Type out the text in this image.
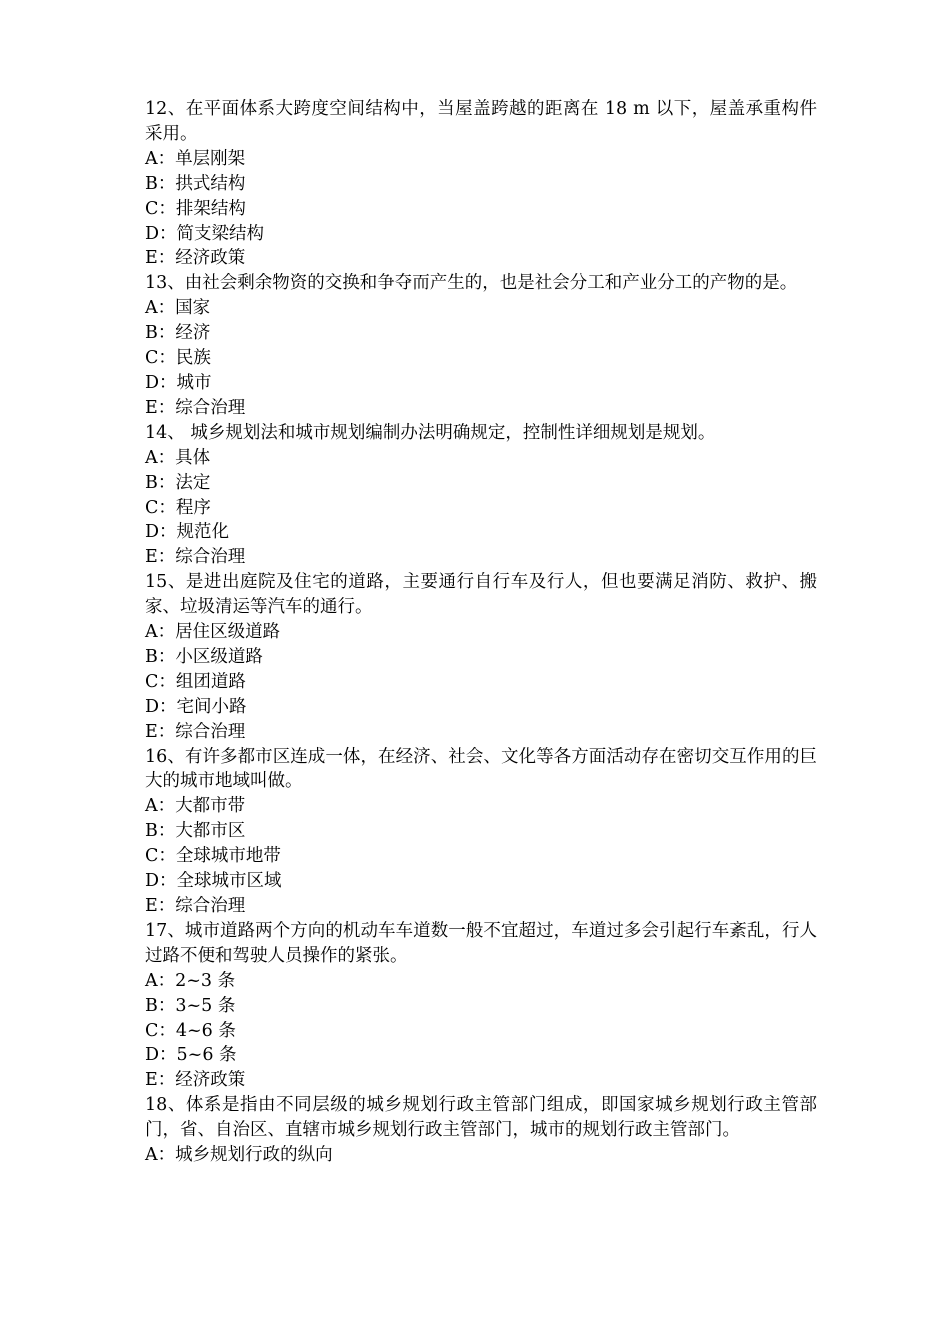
12、在平面体系大跨度空间结构中，当屋盖跨越的距离在 18 m 以下，屋盖承重构件采用。

A：单层刚架
B：拱式结构
C：排架结构
D：简支梁结构
E：经济政策

13、由社会剩余物资的交换和争夺而产生的，也是社会分工和产业分工的产物的是。

A：国家
B：经济
C：民族
D：城市
E：综合治理

14、 城乡规划法和城市规划编制办法明确规定，控制性详细规划是规划。

A：具体
B：法定
C：程序
D：规范化
E：综合治理

15、是进出庭院及住宅的道路，主要通行自行车及行人，但也要满足消防、救护、搬家、垃圾清运等汽车的通行。

A：居住区级道路
B：小区级道路
C：组团道路
D：宅间小路
E：综合治理

16、有许多都市区连成一体，在经济、社会、文化等各方面活动存在密切交互作用的巨大的城市地域叫做。

A：大都市带
B：大都市区
C：全球城市地带
D：全球城市区域
E：综合治理

17、城市道路两个方向的机动车车道数一般不宜超过，车道过多会引起行车紊乱，行人过路不便和驾驶人员操作的紧张。

A：2~3 条
B：3~5 条
C：4~6 条
D：5~6 条
E：经济政策

18、体系是指由不同层级的城乡规划行政主管部门组成，即国家城乡规划行政主管部门，省、自治区、直辖市城乡规划行政主管部门，城市的规划行政主管部门。

A：城乡规划行政的纵向
